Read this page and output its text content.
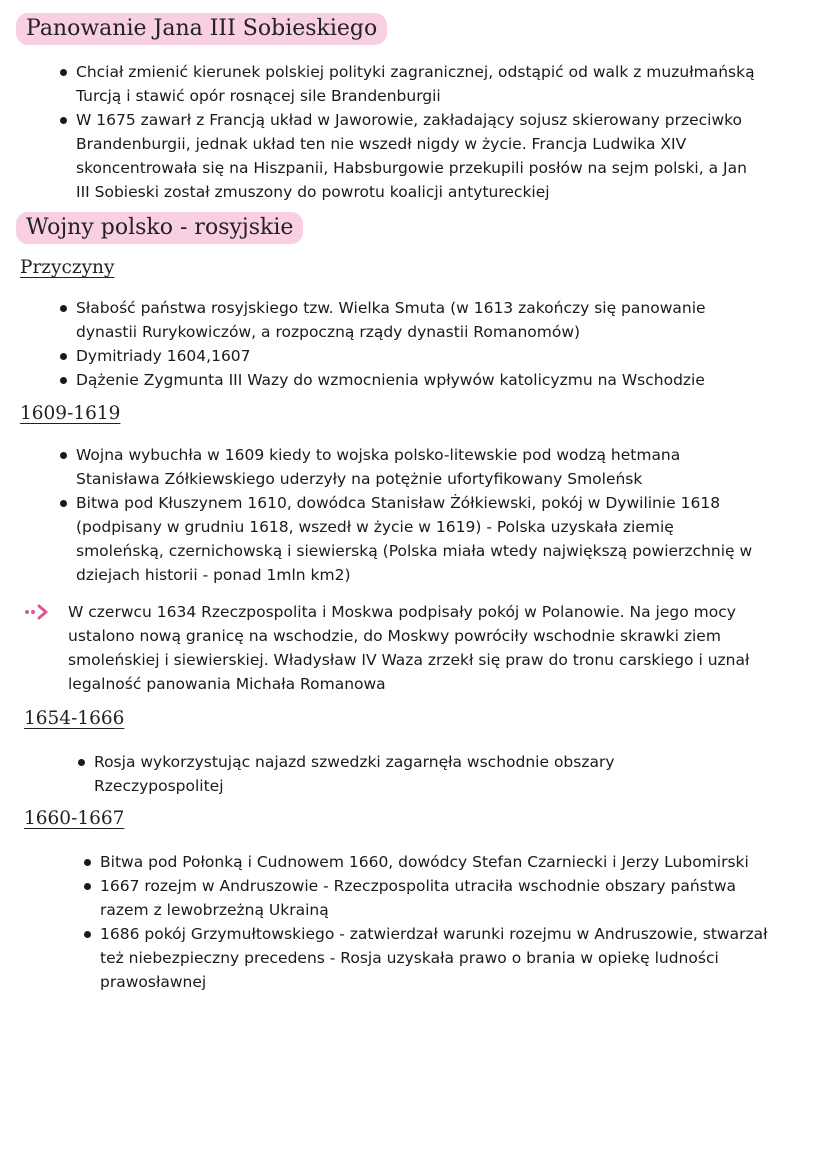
Panowanie Jana III Sobieskiego
Chciał zmienić kierunek polskiej polityki zagranicznej, odstąpić od walk z muzułmańską Turcją i stawić opór rosnącej sile Brandenburgii
W 1675 zawarł z Francją układ w Jaworowie, zakładający sojusz skierowany przeciwko Brandenburgii, jednak układ ten nie wszedł nigdy w życie. Francja Ludwika XIV skoncentrowała się na Hiszpanii, Habsburgowie przekupili posłów na sejm polski, a Jan III Sobieski został zmuszony do powrotu koalicji antytureckiej
Wojny polsko - rosyjskie
Przyczyny
Słabość państwa rosyjskiego tzw. Wielka Smuta (w 1613 zakończy się panowanie dynastii Rurykowiczów, a rozpoczną rządy dynastii Romanomów)
Dymitriady 1604,1607
Dążenie Zygmunta III Wazy do wzmocnienia wpływów katolicyzmu na Wschodzie
1609-1619
Wojna wybuchła w 1609 kiedy to wojska polsko-litewskie pod wodzą hetmana Stanisława Zółkiewskiego uderzyły na potężnie ufortyfikowany Smoleńsk
Bitwa pod Kłuszynem 1610, dowódca Stanisław Żółkiewski, pokój w Dywilinie 1618 (podpisany w grudniu 1618, wszedł w życie w 1619) - Polska uzyskała ziemię smoleńską, czernichowską i siewierską (Polska miała wtedy największą powierzchnię w dziejach historii - ponad 1mln km2)
W czerwcu 1634 Rzeczpospolita i Moskwa podpisały pokój w Polanowie. Na jego mocy ustalono nową granicę na wschodzie, do Moskwy powróciły wschodnie skrawki ziem smoleńskiej i siewierskiej. Władysław IV Waza zrzekł się praw do tronu carskiego i uznał legalność panowania Michała Romanowa
1654-1666
Rosja wykorzystując najazd szwedzki zagarnęła wschodnie obszary Rzeczypospolitej
1660-1667
Bitwa pod Połonką i Cudnowem 1660, dowódcy Stefan Czarniecki i Jerzy Lubomirski
1667 rozejm w Andruszowie - Rzeczpospolita utraciła wschodnie obszary państwa razem z lewobrzeżną Ukrainą
1686 pokój Grzymułtowskiego - zatwierdzał warunki rozejmu w Andruszowie, stwarzał też niebezpieczny precedens - Rosja uzyskała prawo o brania w opiekę ludności prawosławnej
